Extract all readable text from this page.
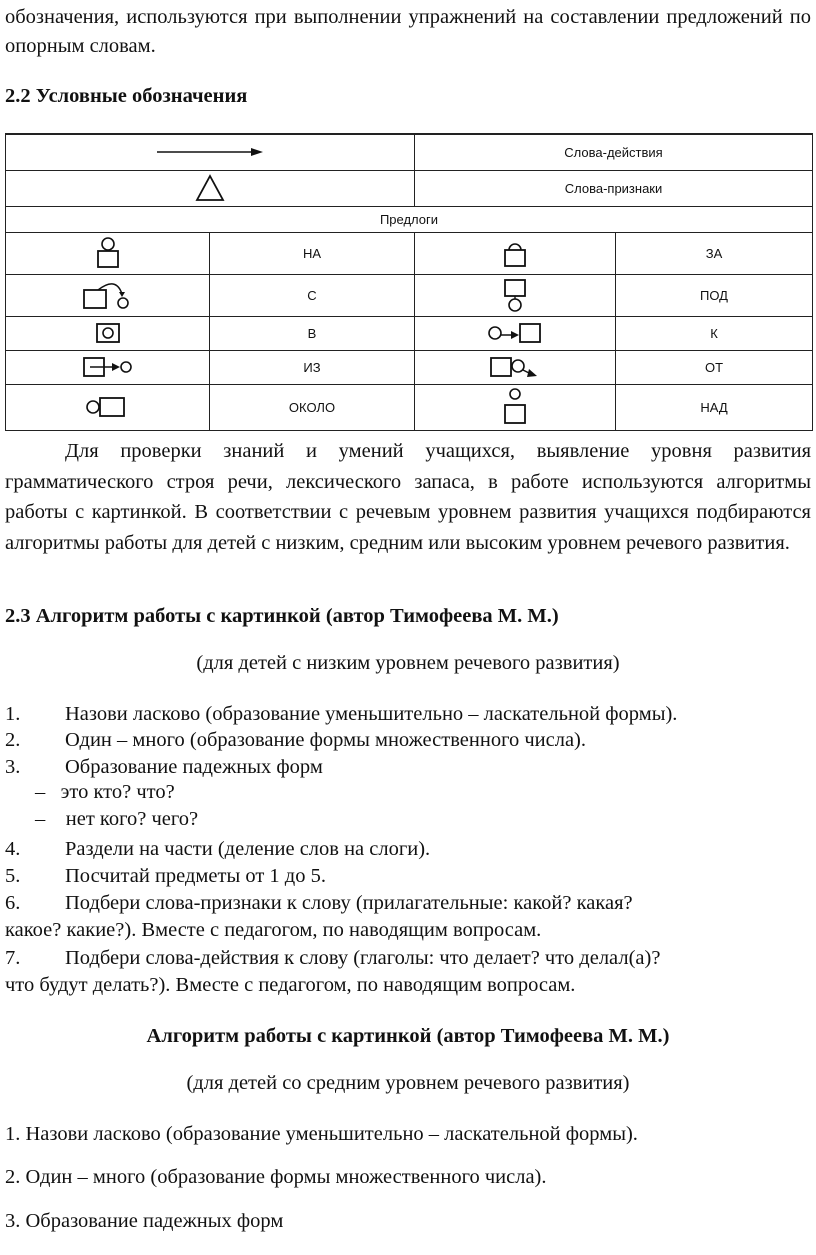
обозначения, используются при выполнении упражнений на составлении предложений по опорным словам.

2.2 Условные обозначения

	Слова-действия	

	Слова-признаки	
Предлоги			

	НА		ЗА

	С		ПОД

	В		К

	ИЗ		ОТ

	ОКОЛО		НАД

Для проверки знаний и умений учащихся, выявление уровня развития грамматического строя речи, лексического запаса, в работе используются алгоритмы работы с картинкой. В соответствии с речевым уровнем развития учащихся подбираются алгоритмы работы для детей с низким, средним или высоким уровнем речевого развития.

2.3 Алгоритм работы с картинкой (автор Тимофеева М. М.)

(для детей с низким уровнем речевого развития)

1. Назови ласково (образование уменьшительно – ласкательной формы).

2. Один – много (образование формы множественного числа).

3. Образование падежных форм

–   это кто? что?

–    нет кого? чего?

4. Раздели на части (деление слов на слоги).

5. Посчитай предметы от 1 до 5.

6. Подбери слова-признаки к слову (прилагательные: какой? какая?
какое? какие?). Вместе с педагогом, по наводящим вопросам.

7. Подбери слова-действия к слову (глаголы: что делает? что делал(а)?
что будут делать?). Вместе с педагогом, по наводящим вопросам.

Алгоритм работы с картинкой (автор Тимофеева М. М.)

(для детей со средним уровнем речевого развития)

1. Назови ласково (образование уменьшительно – ласкательной формы).

2. Один – много (образование формы множественного числа).

3. Образование падежных форм
